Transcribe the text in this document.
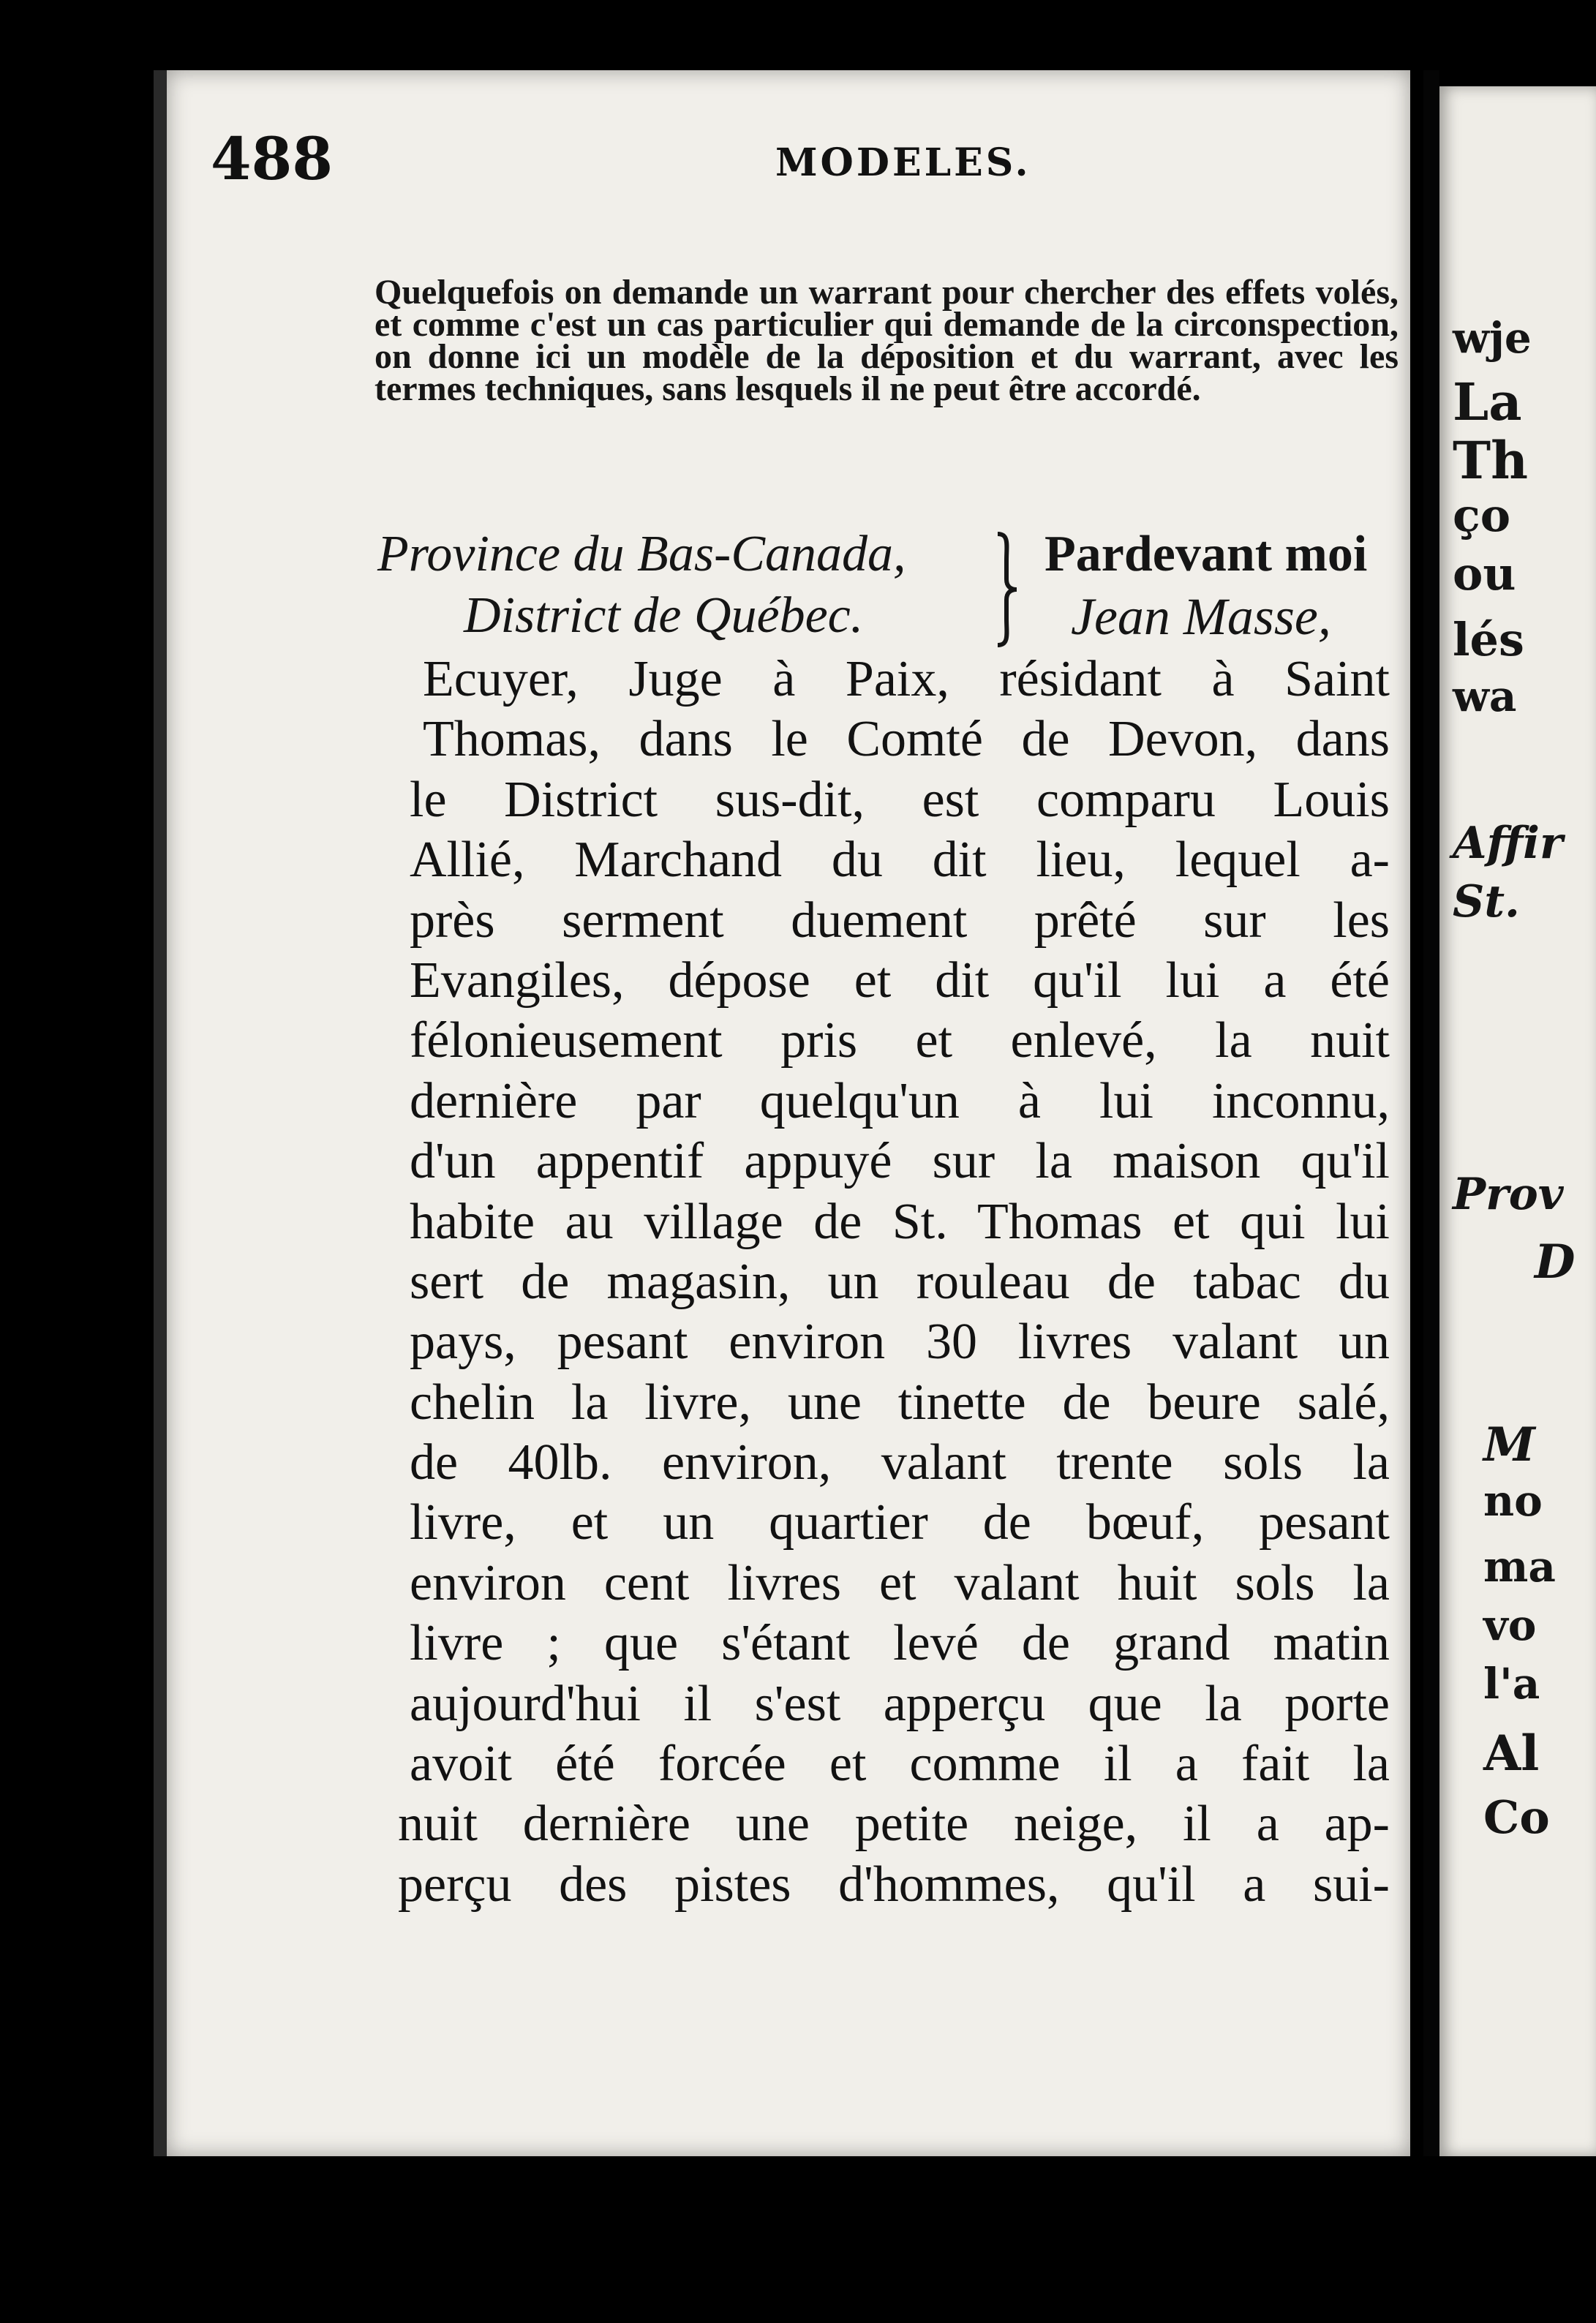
488	MODELES.

Quelquefois on demande un warrant pour chercher des effets volés, et comme c'est un cas particulier qui demande de la circonspection, on donne ici un modèle de la déposition et du warrant, avec les termes techniques, sans lesquels il ne peut être accordé.

Province du Bas-Canada,
District de Québec.
Pardevant moi
Jean Masse,
Ecuyer, Juge à Paix, résidant à Saint
Thomas, dans le Comté de Devon, dans
le District sus-dit, est comparu Louis
Allié, Marchand du dit lieu, lequel a-
près serment duement prêté sur les
Evangiles, dépose et dit qu'il lui a été
félonieusement pris et enlevé, la nuit
dernière par quelqu'un à lui inconnu,
d'un appentif appuyé sur la maison qu'il
habite au village de St. Thomas et qui lui
sert de magasin, un rouleau de tabac du
pays, pesant environ 30 livres valant un
chelin la livre, une tinette de beure salé,
de 40lb. environ, valant trente sols la
livre, et un quartier de bœuf, pesant
environ cent livres et valant huit sols la
livre ; que s'étant levé de grand matin
aujourd'hui il s'est apperçu que la porte
avoit été forcée et comme il a fait la
nuit dernière une petite neige, il a ap-
perçu des pistes d'hommes, qu'il a sui-
wje
La
Th
ço
ou
lés
wa
Affir
St.
Prov
D
M
no
ma
vo
l'a
Al
Co
